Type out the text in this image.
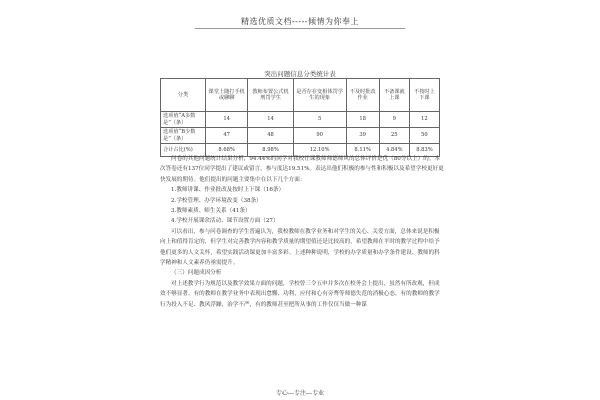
精选优质文档-----倾情为你奉上
突出问题信息分类统计表
分类	课堂上随打手机或聊聊	教师布置公式机刑罚学生	是否存在变相体罚学生的现象	不及时批改作业	不备课就上课	不按时上下课
选项值“A多数是”（条）	14	14	5	18	9	12
选项值“B少数是”（条）	47	48	90	39	25	50
合计占比(%)	8.68%	8.98%	12.10%	8.11%	4.84%	8.83%

问卷的其他问题统计结果分析，94.44%的同学对我校任课教师师德师风的总体评价是优（80分以上）的。本次答卷还有137位同学提出了建议或留言，参与度达19.51%。表达出他们积极的参与性和积极以及希望学校更好更快发展的期待。他们提出的问题主要集中在以下几个方面：

1.教师讲课、作业批改及按时上下课（16条）

2.学校管理、办学环境改变（38条）

3.教师素质、师生关系（41条）

4.学校开展课余活动、课节设置方面（27）

可以看出，参与问卷调查的学生普遍认为，我校教师在教学业务和对学生的关心、关爱方面，总体来说是积极向上和值得肯定的，但学生对完善教学内容和教学质量的期望值还是比较高的，希望教师在平时的教学过程中给予他们更多的人文关怀，希望实践活动课更加丰富多彩。上述种种说明，学校的办学质量和办学条件建设、教师的科学精神和人文素养仍亟需提升。

（三）问题成因分析

对上述教学行为规范以及教学效果方面的问题，学校曾三令五申并多次在校务会上提出，虽然有所改观，但成效不够显著。有的教师在教学业务中表现出怠懈、功利，应付和心有旁骛等师德失范的消极心态，有的教师的教学行为投入不足、教风浮躁，治学不严，有的教师甚至把所从事的工作仅仅当做一种谋

专心---专注---专业
